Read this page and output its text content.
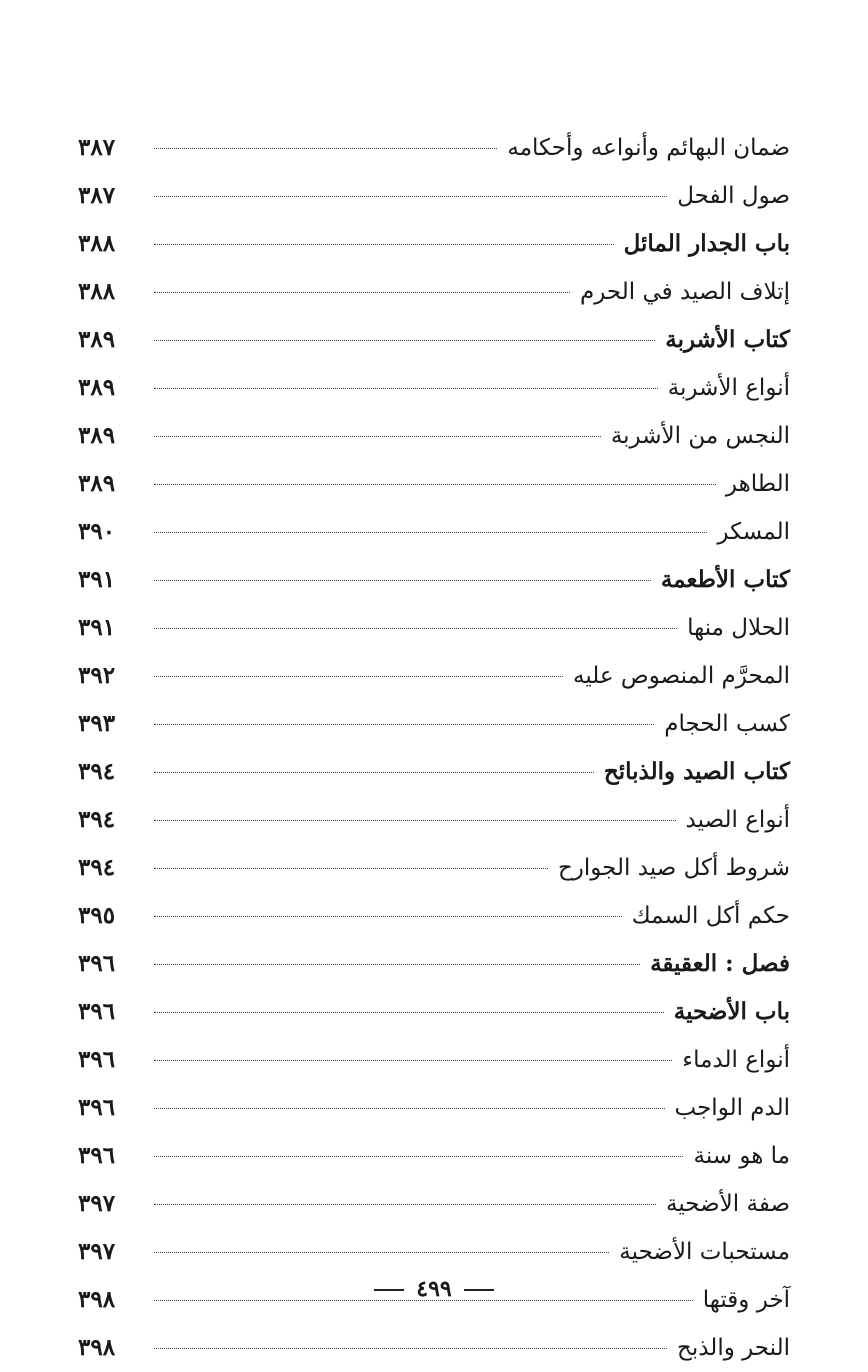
ضمان البهائم وأنواعه وأحكامه
٣٨٧
صول الفحل
٣٨٧
باب الجدار المائل
٣٨٨
إتلاف الصيد في الحرم
٣٨٨
كتاب الأشربة
٣٨٩
أنواع الأشربة
٣٨٩
النجس من الأشربة
٣٨٩
الطاهر
٣٨٩
المسكر
٣٩٠
كتاب الأطعمة
٣٩١
الحلال منها
٣٩١
المحرَّم المنصوص عليه
٣٩٢
كسب الحجام
٣٩٣
كتاب الصيد والذبائح
٣٩٤
أنواع الصيد
٣٩٤
شروط أكل صيد الجوارح
٣٩٤
حكم أكل السمك
٣٩٥
فصل : العقيقة
٣٩٦
باب الأضحية
٣٩٦
أنواع الدماء
٣٩٦
الدم الواجب
٣٩٦
ما هو سنة
٣٩٦
صفة الأضحية
٣٩٧
مستحبات الأضحية
٣٩٧
آخر وقتها
٣٩٨
النحر والذبح
٣٩٨
٤٩٩
